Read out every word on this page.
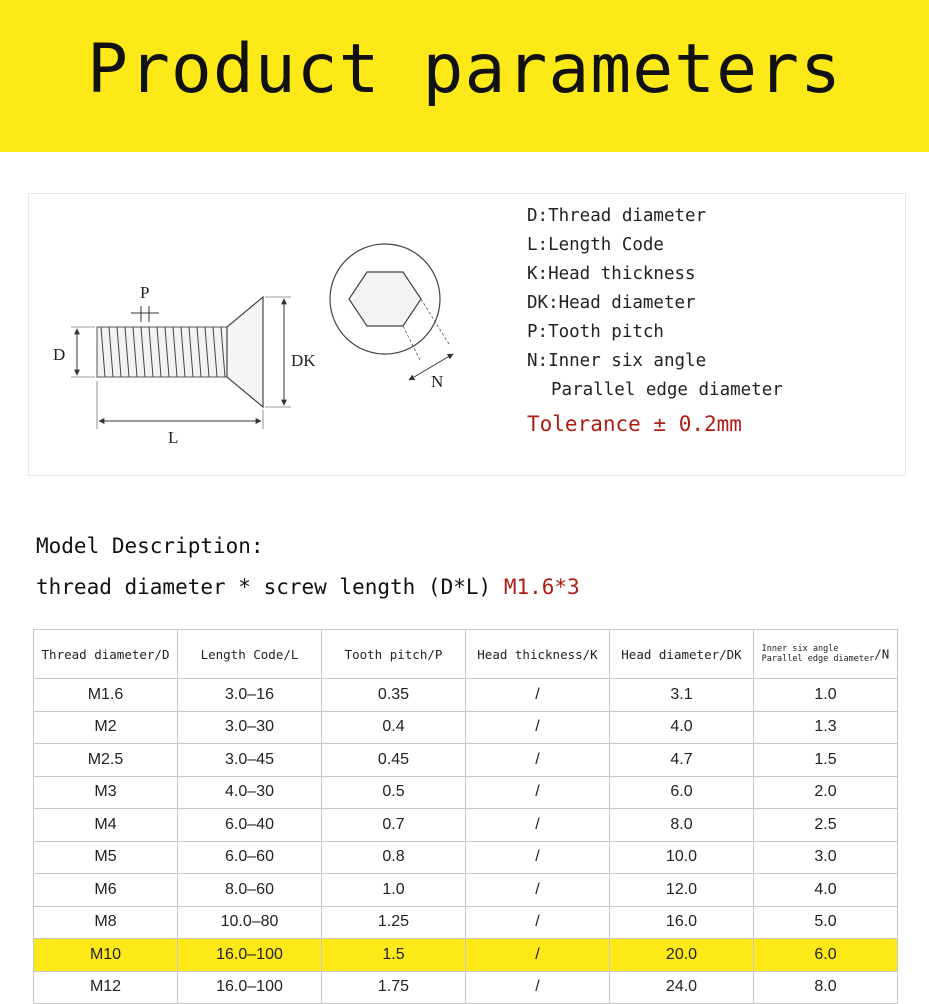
Product parameters
P
D	DK
L
N
D:Thread diameter
L:Length Code
K:Head thickness
DK:Head diameter
P:Tooth pitch
N:Inner six angle
Parallel edge diameter
Tolerance ± 0.2mm
Model Description:
thread diameter * screw length (D*L) M1.6*3
Thread diameter/D	Length Code/L	Tooth pitch/P	Head thickness/K	Head diameter/DK	Inner six angle
Parallel edge diameter/N
M1.6	3.0–16	0.35	/	3.1	1.0
M2	3.0–30	0.4	/	4.0	1.3
M2.5	3.0–45	0.45	/	4.7	1.5
M3	4.0–30	0.5	/	6.0	2.0
M4	6.0–40	0.7	/	8.0	2.5
M5	6.0–60	0.8	/	10.0	3.0
M6	8.0–60	1.0	/	12.0	4.0
M8	10.0–80	1.25	/	16.0	5.0
M10	16.0–100	1.5	/	20.0	6.0
M12	16.0–100	1.75	/	24.0	8.0
